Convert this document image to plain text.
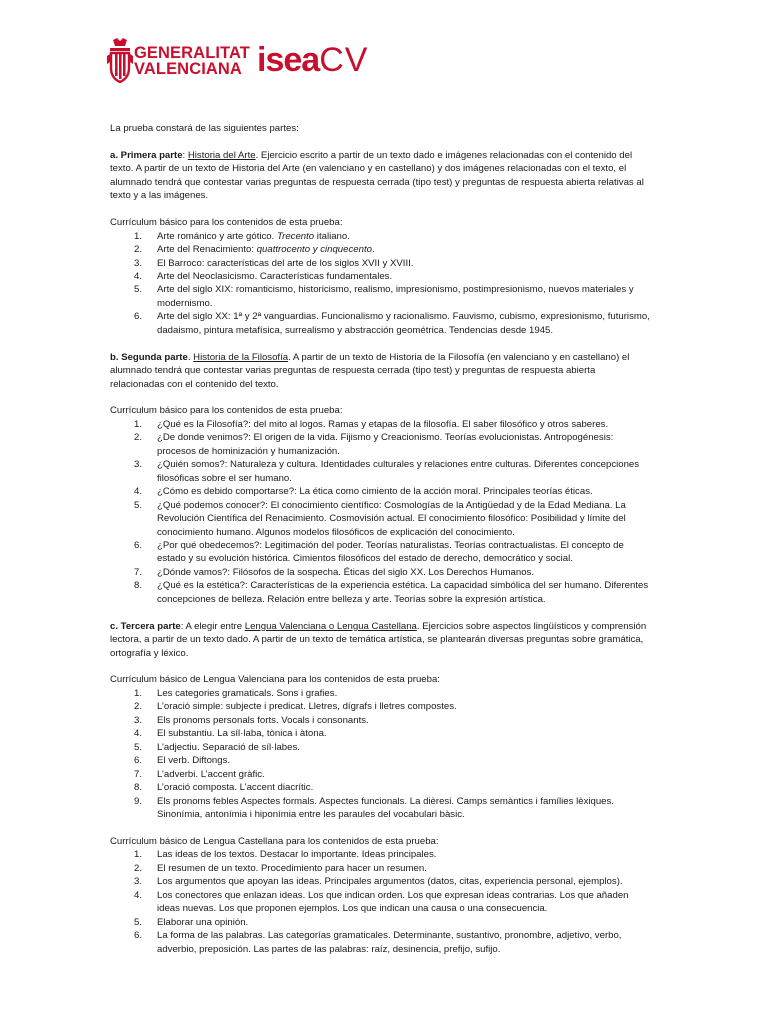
GENERALITAT
VALENCIANA iseaCV

La prueba constará de las siguientes partes:

a. Primera parte: Historia del Arte. Ejercicio escrito a partir de un texto dado e imágenes relacionadas con el contenido del texto. A partir de un texto de Historia del Arte (en valenciano y en castellano) y dos imágenes relacionadas con el texto, el alumnado tendrá que contestar varias preguntas de respuesta cerrada (tipo test) y preguntas de respuesta abierta relativas al texto y a las imágenes.

Currículum básico para los contenidos de esta prueba:

1. Arte románico y arte gótico. Trecento italiano.
2. Arte del Renacimiento: quattrocento y cinquecento.
3. El Barroco: características del arte de los siglos XVII y XVIII.
4. Arte del Neoclasicismo. Características fundamentales.
5. Arte del siglo XIX: romanticismo, historicismo, realismo, impresionismo, postimpresionismo, nuevos materiales y modernismo.
6. Arte del siglo XX: 1ª y 2ª vanguardias. Funcionalismo y racionalismo. Fauvismo, cubismo, expresionismo, futurismo, dadaismo, pintura metafísica, surrealismo y abstracción geométrica. Tendencias desde 1945.

b. Segunda parte. Historia de la Filosofía. A partir de un texto de Historia de la Filosofía (en valenciano y en castellano) el alumnado tendrá que contestar varias preguntas de respuesta cerrada (tipo test) y preguntas de respuesta abierta relacionadas con el contenido del texto.

Currículum básico para los contenidos de esta prueba:

1. ¿Qué es la Filosofía?: del mito al logos. Ramas y etapas de la filosofía. El saber filosófico y otros saberes.
2. ¿De donde venimos?: El origen de la vida. Fijismo y Creacionismo. Teorías evolucionistas. Antropogénesis: procesos de hominización y humanización.
3. ¿Quién somos?: Naturaleza y cultura. Identidades culturales y relaciones entre culturas. Diferentes concepciones filosóficas sobre el ser humano.
4. ¿Cómo es debido comportarse?: La ética como cimiento de la acción moral. Principales teorías éticas.
5. ¿Qué podemos conocer?: El conocimiento científico: Cosmologías de la Antigüedad y de la Edad Mediana. La Revolución Científica del Renacimiento. Cosmovisión actual. El conocimiento filosófico: Posibilidad y límite del conocimiento humano. Algunos modelos filosóficos de explicación del conocimiento.
6. ¿Por qué obedecemos?: Legitimación del poder. Teorías naturalistas. Teorías contractualistas. El concepto de estado y su evolución histórica. Cimientos filosóficos del estado de derecho, democrático y social.
7. ¿Dónde vamos?: Filósofos de la sospecha. Éticas del siglo XX. Los Derechos Humanos.
8. ¿Qué es la estética?: Características de la experiencia estética. La capacidad simbólica del ser humano. Diferentes concepciones de belleza. Relación entre belleza y arte. Teorías sobre la expresión artística.

c. Tercera parte: A elegir entre Lengua Valenciana o Lengua Castellana. Ejercicios sobre aspectos lingüísticos y comprensión lectora, a partir de un texto dado. A partir de un texto de temática artística, se plantearán diversas preguntas sobre gramática, ortografía y léxico.

Currículum básico de Lengua Valenciana para los contenidos de esta prueba:

1. Les categories gramaticals. Sons i grafies.
2. L’oració simple: subjecte i predicat. Lletres, dígrafs i lletres compostes.
3. Els pronoms personals forts. Vocals i consonants.
4. El substantiu. La síl·laba, tònica i àtona.
5. L’adjectiu. Separació de síl·labes.
6. El verb. Diftongs.
7. L’adverbi. L’accent gràfic.
8. L’oració composta. L’accent diacrític.
9. Els pronoms febles Aspectes formals. Aspectes funcionals. La dièresi. Camps semàntics i famílies lèxiques. Sinonímia, antonímia i hiponímia entre les paraules del vocabulari bàsic.

Currículum básico de Lengua Castellana para los contenidos de esta prueba:

1. Las ideas de los textos. Destacar lo importante. Ideas principales.
2. El resumen de un texto. Procedimiento para hacer un resumen.
3. Los argumentos que apoyan las ideas. Principales argumentos (datos, citas, experiencia personal, ejemplos).
4. Los conectores que enlazan ideas. Los que indican orden. Los que expresan ideas contrarias. Los que añaden ideas nuevas. Los que proponen ejemplos. Los que indican una causa o una consecuencia.
5. Elaborar una opinión.
6. La forma de las palabras. Las categorías gramaticales. Determinante, sustantivo, pronombre, adjetivo, verbo, adverbio, preposición. Las partes de las palabras: raíz, desinencia, prefijo, sufijo.
